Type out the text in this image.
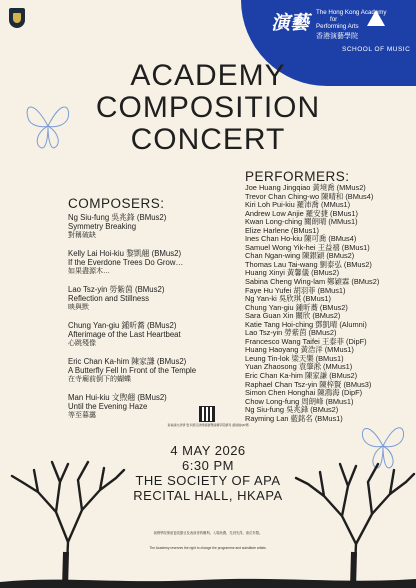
演藝 The Hong Kong Academy
for
Performing Arts
香港演藝學院
SCHOOL OF MUSIC
ACADEMY
COMPOSITION
CONCERT
COMPOSERS:
PERFORMERS:
Ng Siu-fung 吳兆鋒 (BMus2)
Symmetry Breaking
對稱破缺
Kelly Lai Hoi-kiu 黎凱翹 (BMus2)
If the Everdone Trees Do Grow…
如果盡源木…
Lao Tsz-yin 勞紫茵 (BMus2)
Reflection and Stillness
映與默
Chung Yan-giu 鍾昕蕎 (BMus2)
Afterimage of the Last Heartbeat
心跳殘像
Eric Chan Ka-him 陳家謙 (BMus2)
A Butterfly Fell In Front of the Temple
在寺廟前倒下的蝴蝶
Man Hui-kiu 文煦翹 (BMus2)
Until the Evening Haze
等至暮靄
Joe Huang Jingqiao 黃境喬 (MMus2)
Trevor Chan Ching-wo 陳晴和 (BMus4)
Kiri Loh Pui-kiu 羅沛喬 (MMus1)
Andrew Low Anjie 羅安捷 (BMus1)
Kwan Long-ching 關朗晴 (MMus1)
Elize Harlene (BMus1)
Ines Chan Ho-kiu 陳可喬 (BMus4)
Samuel Wong Yik-hei 王益禧 (BMus1)
Chan Ngan-wing 陳銀穎 (BMus2)
Thomas Lau Tai-wang 劉泰弘 (BMus2)
Huang Xinyi 黃馨儀 (BMus2)
Sabina Cheng Wing-lam 鄭穎霖 (BMus2)
Faye Hu Yufei 胡羽菲 (BMus1)
Ng Yan-ki 吳欣琪 (BMus1)
Chung Yan-giu 鍾昕蕎 (BMus2)
Sara Guan Xin 關欣 (BMus2)
Katie Tang Hoi-ching 鄧凱晴 (Alumni)
Lao Tsz-yin 勞紫茵 (BMus2)
Francesco Wang Taifei 王泰菲 (DipF)
Huang Haoyang 黃浩洋 (MMus1)
Leung Tin-lok 梁天樂 (BMus1)
Yuan Zhaosong 袁肇淞 (MMus1)
Eric Chan Ka-him 陳家謙 (BMus2)
Raphael Chan Tsz-yin 陳梓賢 (BMus3)
Simon Chen Honghai 陳鴻海 (DipF)
Chow Long-fung 周朗峰 (BMus1)
Ng Siu-fung 吳兆鋒 (BMus2)
Rayming Lan 藍銘名 (BMus1)
查看演出詳情 更多節目詳情請瀏覽演藝學院網頁 請掃描QR碼
4 MAY 2026
6:30 PM
THE SOCIETY OF APA
RECITAL HALL, HKAPA
演藝學院保留更改節目及表演者的權利。入場免費，先到先得，座位有限。
The Academy reserves the right to change the programme and substitute artists.
